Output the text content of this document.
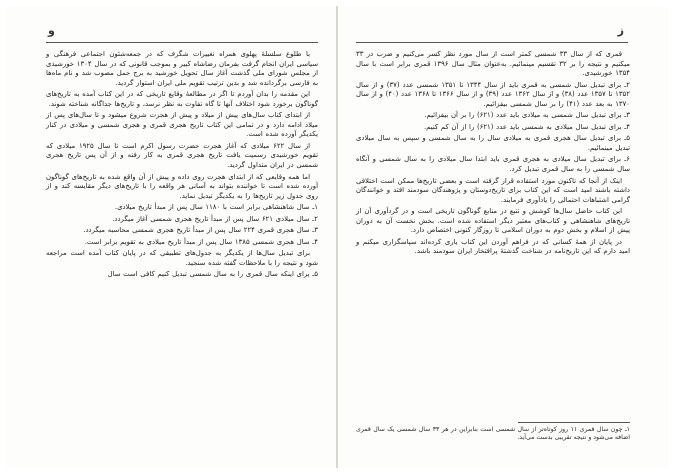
و

با طلوع سلسلهٔ پهلوی همراه تغییرات شگرف که در جمعه‌شئون اجتماعی فرهنگی و سیاسی ایران انجام گرفت بفرمان رضاشاه کبیر و بموجب قانونی که در سال ۱۳۰۴ خورشیدی از مجلس شورای ملی گذشت آغاز سال تحویل خورشید به برج حمل مصوب شد و نام ماه‌ها به فارسی برگردانده شد و بدین ترتیب تقویم ملی ایران استوار گردید.

این مقدمه را بدان آوردم تا اگر در مطالعهٔ وقایع تاریخی که در این کتاب آمده به تاریخ‌های گوناگون برخورد شود اختلاف آنها تا گاه تفاوت به نظر نرسد، و تاریخ‌ها جداگانه شناخته شوند.

از ابتدای کتاب سال‌های پیش از میلاد و پیش از هجرت شروع میشود و تا سال‌های پس از میلاد ادامه دارد و در تمامی این کتاب تاریخ هجری قمری و هجری شمسی و میلادی در کنار یکدیگر آورده شده است.

از سال ۶۲۲ میلادی که آغاز هجرت حضرت رسول اکرم است تا سال ۱۹۲۵ میلادی که تقویم خورشیدی رسمیت یافت تاریخ هجری قمری به کار رفته و از آن پس تاریخ هجری شمسی در ایران متداول گردید.

اما همه وقایعی که از ابتدای هجرت روی داده و پیش از آن واقع شده به تاریخ‌های گوناگون آورده شده است تا خواننده بتواند به آسانی هر واقعه را با تاریخ‌های دیگر مقایسه کند و از روی جدول زیر تاریخ‌ها را به یکدیگر تبدیل نماید.

۱ـ سال شاهنشاهی برابر است با ۱۱۸۰ سال پس از مبدأ تاریخ میلادی.

۲ـ سال میلادی ۶۲۱ سال پس از مبدأ تاریخ هجری شمسی آغاز میگردد.

۳ـ سال هجری قمری ۲۲۴ سال پس از مبدأ تاریخ هجری شمسی محاسبه میگردد.

۴ـ سال هجری شمسی ۱۳۸۵ سال پس از مبدأ تاریخ میلادی به تقویم برابر است.

برای تبدیل سال‌ها از یکدیگر به جدول‌های تطبیقی که در پایان کتاب آمده است مراجعه شود و نتیجه را با ملاحظات گفته شده سنجید.

۵ـ برای اینکه سال قمری را به سال شمسی تبدیل کنیم کافی است سال

ز

قمری که از سال ۳۳ شمسی کمتر است از سال مورد نظر کسر می‌کنیم و ضرب در ۳۳ میکنیم و نتیجه را بر ۳۲ تقسیم مینمائیم. به‌عنوان مثال سال ۱۳۹۶ قمری برابر است با سال ۱۳۵۴ خورشیدی.

۲ـ برای تبدیل سال شمسی به قمری باید از سال ۱۳۴۴ تا ۱۳۵۱ شمسی عدد (۳۷) و از سال ۱۳۵۲ تا ۱۳۵۷ عدد (۳۸) و از سال ۱۳۶۲ عدد (۳۹) و از سال ۱۳۶۶ تا ۱۳۶۸ عدد (۴۰) و از سال ۱۳۷۰ به بعد عدد (۴۱) را بر سال شمسی بیفزائیم.

۳ـ برای تبدیل سال شمسی به میلادی باید عدد (۶۲۱) را بر آن بیفزائیم.

۴ـ برای تبدیل سال میلادی به شمسی باید عدد (۶۲۱) را از آن کم کنیم.

۵ـ برای تبدیل سال هجری قمری به میلادی سال را به سال شمسی و سپس به سال میلادی تبدیل مینمائیم.

۶ـ برای تبدیل سال میلادی به هجری قمری باید ابتدا سال میلادی را به سال شمسی و آنگاه سال شمسی را به سال قمری تبدیل کرد.

اینک از آنجا که تاکنون مورد استفاده قرار گرفته است و بعضی تاریخ‌ها ممکن است اختلافی داشته باشند امید است که این کتاب برای تاریخ‌دوستان و پژوهندگان سودمند افتد و خوانندگان گرامی اشتباهات احتمالی را یادآوری فرمایند.

این کتاب حاصل سال‌ها کوشش و تتبع در منابع گوناگون تاریخی است و در گردآوری آن از تاریخ‌های شاهنشاهی و کتاب‌های معتبر دیگر استفاده شده است. بخش نخست آن به دوران پیش از اسلام و بخش دوم به دوران اسلامی تا روزگار کنونی اختصاص دارد.

در پایان از همهٔ کسانی که در فراهم آوردن این کتاب یاری کرده‌اند سپاسگزاری میکنم و امید دارم که این تاریخ‌نامه در شناخت گذشتهٔ پرافتخار ایران سودمند باشد.

۱ـ چون سال قمری ۱۱ روز کوتاه‌تر از سال شمسی است بنابراین در هر ۳۳ سال شمسی یک سال قمری اضافه می‌شود و نتیجه تقریبی بدست می‌آید.
